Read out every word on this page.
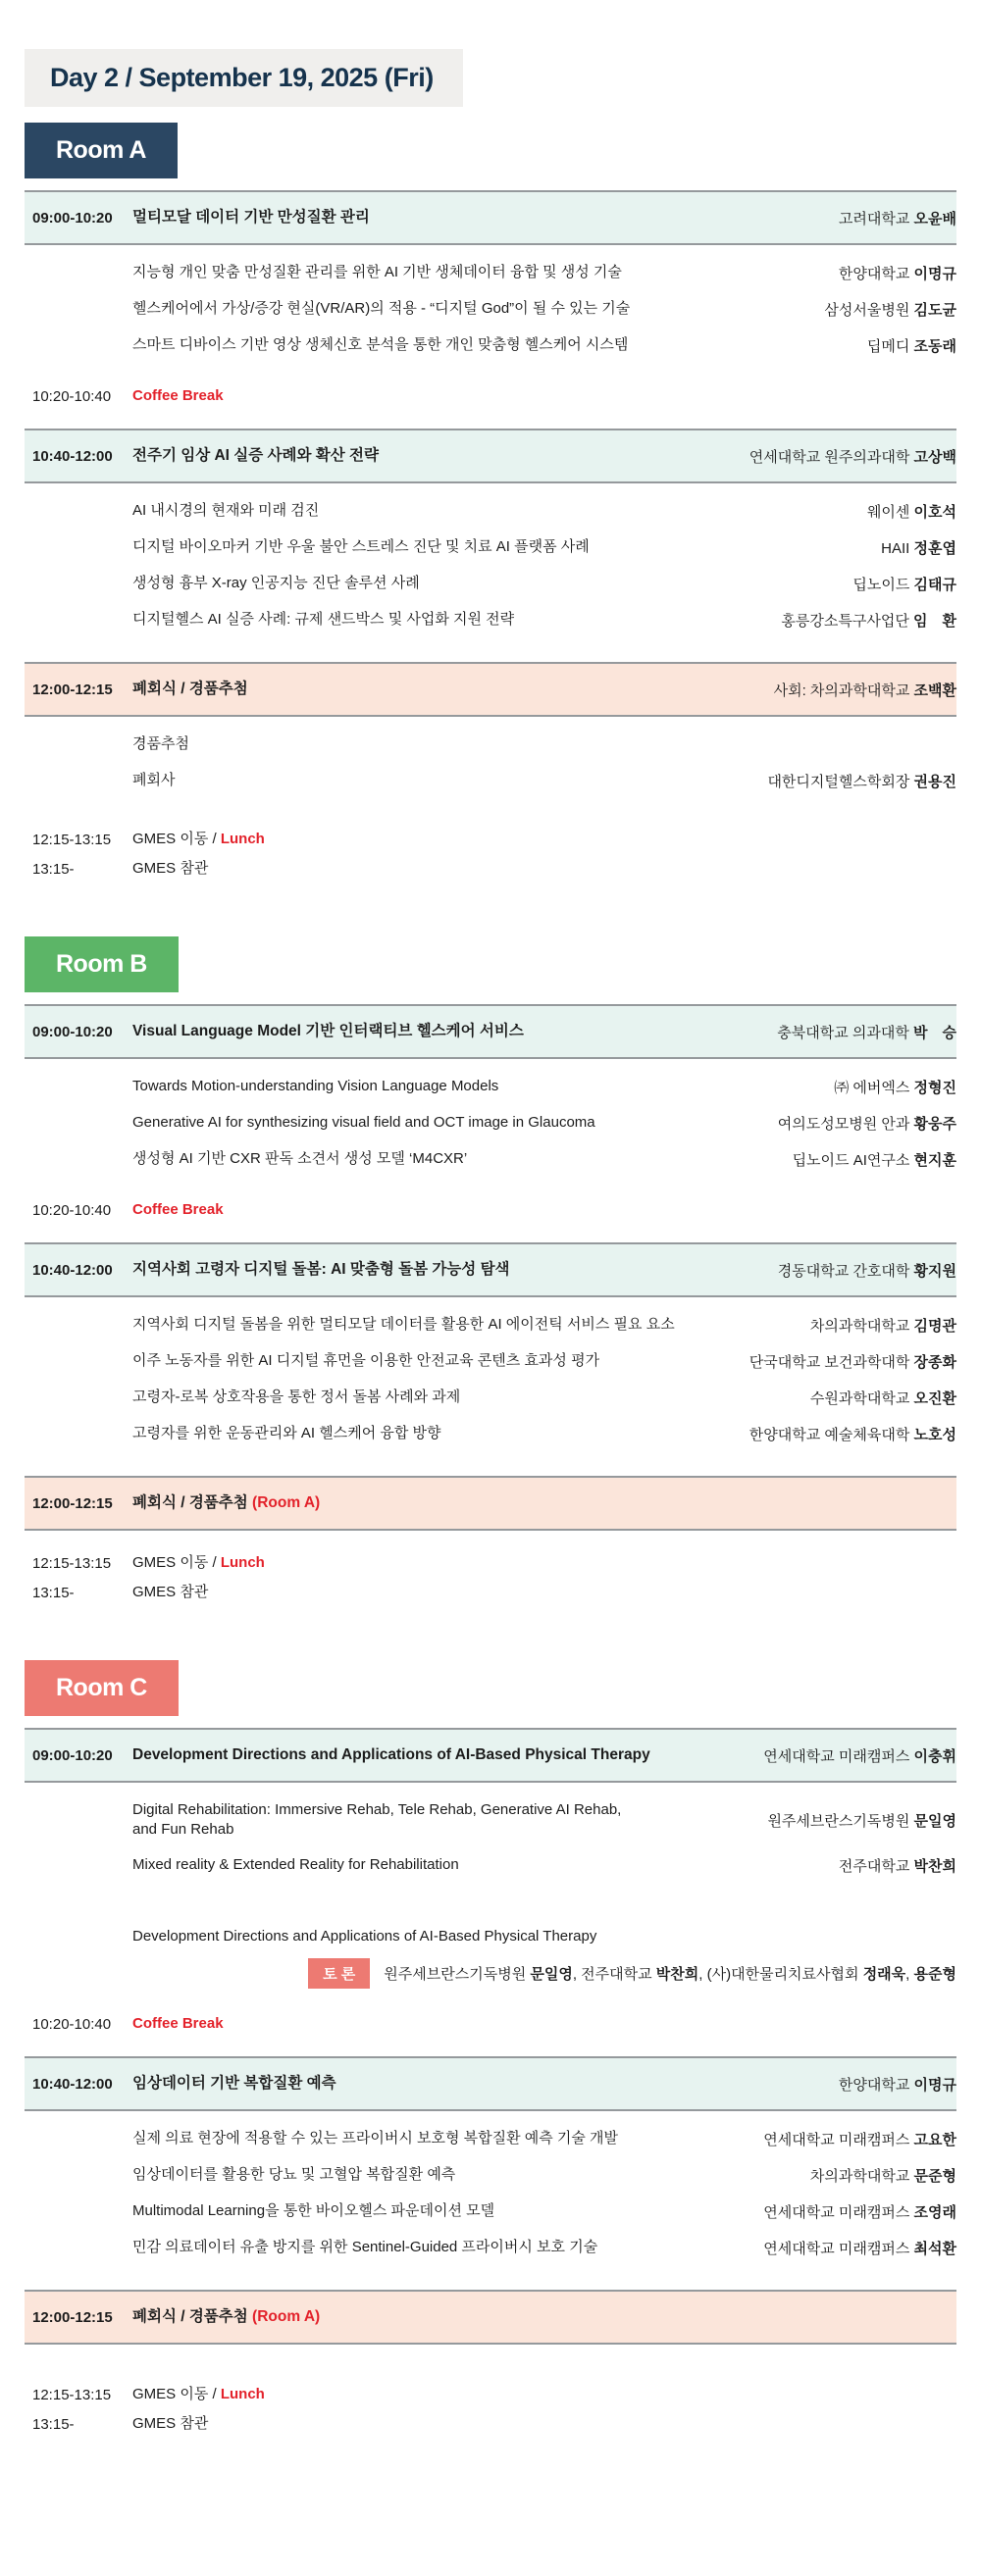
Day 2 / September 19, 2025 (Fri)
Room A
09:00-10:20	멀티모달 데이터 기반 만성질환 관리	고려대학교 오윤배
지능형 개인 맞춤 만성질환 관리를 위한 AI 기반 생체데이터 융합 및 생성 기술	한양대학교 이명규
헬스케어에서 가상/증강 현실(VR/AR)의 적용 - “디지털 God”이 될 수 있는 기술	삼성서울병원 김도균
스마트 디바이스 기반 영상 생체신호 분석을 통한 개인 맞춤형 헬스케어 시스템	딥메디 조동래
10:20-10:40	Coffee Break
10:40-12:00	전주기 임상 AI 실증 사례와 확산 전략	연세대학교 원주의과대학 고상백
AI 내시경의 현재와 미래 검진	웨이센 이호석
디지털 바이오마커 기반 우울 불안 스트레스 진단 및 치료 AI 플랫폼 사례	HAII 정훈엽
생성형 흉부 X-ray 인공지능 진단 솔루션 사례	딥노이드 김태규
디지털헬스 AI 실증 사례: 규제 샌드박스 및 사업화 지원 전략	홍릉강소특구사업단 임　환
12:00-12:15	폐회식 / 경품추첨	사회: 차의과학대학교 조백환
경품추첨
폐회사	대한디지털헬스학회장 권용진
12:15-13:15	GMES 이동 / Lunch
13:15-	GMES 참관
Room B
09:00-10:20	Visual Language Model 기반 인터랙티브 헬스케어 서비스	충북대학교 의과대학 박　승
Towards Motion-understanding Vision Language Models	㈜ 에버엑스 정형진
Generative AI for synthesizing visual field and OCT image in Glaucoma	여의도성모병원 안과 황웅주
생성형 AI 기반 CXR 판독 소견서 생성 모델 ‘M4CXR’	딥노이드 AI연구소 현지훈
10:20-10:40	Coffee Break
10:40-12:00	지역사회 고령자 디지털 돌봄: AI 맞춤형 돌봄 가능성 탐색	경동대학교 간호대학 황지원
지역사회 디지털 돌봄을 위한 멀티모달 데이터를 활용한 AI 에이전틱 서비스 필요 요소	차의과학대학교 김명관
이주 노동자를 위한 AI 디지털 휴먼을 이용한 안전교육 콘텐츠 효과성 평가	단국대학교 보건과학대학 장종화
고령자-로복 상호작용을 통한 정서 돌봄 사례와 과제	수원과학대학교 오진환
고령자를 위한 운동관리와 AI 헬스케어 융합 방향	한양대학교 예술체육대학 노호성
12:00-12:15	폐회식 / 경품추첨 (Room A)
12:15-13:15	GMES 이동 / Lunch
13:15-	GMES 참관
Room C
09:00-10:20	Development Directions and Applications of AI-Based Physical Therapy	연세대학교 미래캠퍼스 이충휘
Digital Rehabilitation: Immersive Rehab, Tele Rehab, Generative AI Rehab,
and Fun Rehab	원주세브란스기독병원 문일영
Mixed reality & Extended Reality for Rehabilitation	전주대학교 박찬희
Development Directions and Applications of AI-Based Physical Therapy
토 론	원주세브란스기독병원 문일영, 전주대학교 박찬희, (사)대한물리치료사협회 정래욱, 용준형
10:20-10:40	Coffee Break
10:40-12:00	임상데이터 기반 복합질환 예측	한양대학교 이명규
실제 의료 현장에 적용할 수 있는 프라이버시 보호형 복합질환 예측 기술 개발	연세대학교 미래캠퍼스 고요한
임상데이터를 활용한 당뇨 및 고혈압 복합질환 예측	차의과학대학교 문준형
Multimodal Learning을 통한 바이오헬스 파운데이션 모델	연세대학교 미래캠퍼스 조영래
민감 의료데이터 유출 방지를 위한 Sentinel-Guided 프라이버시 보호 기술	연세대학교 미래캠퍼스 최석환
12:00-12:15	폐회식 / 경품추첨 (Room A)
12:15-13:15	GMES 이동 / Lunch
13:15-	GMES 참관
